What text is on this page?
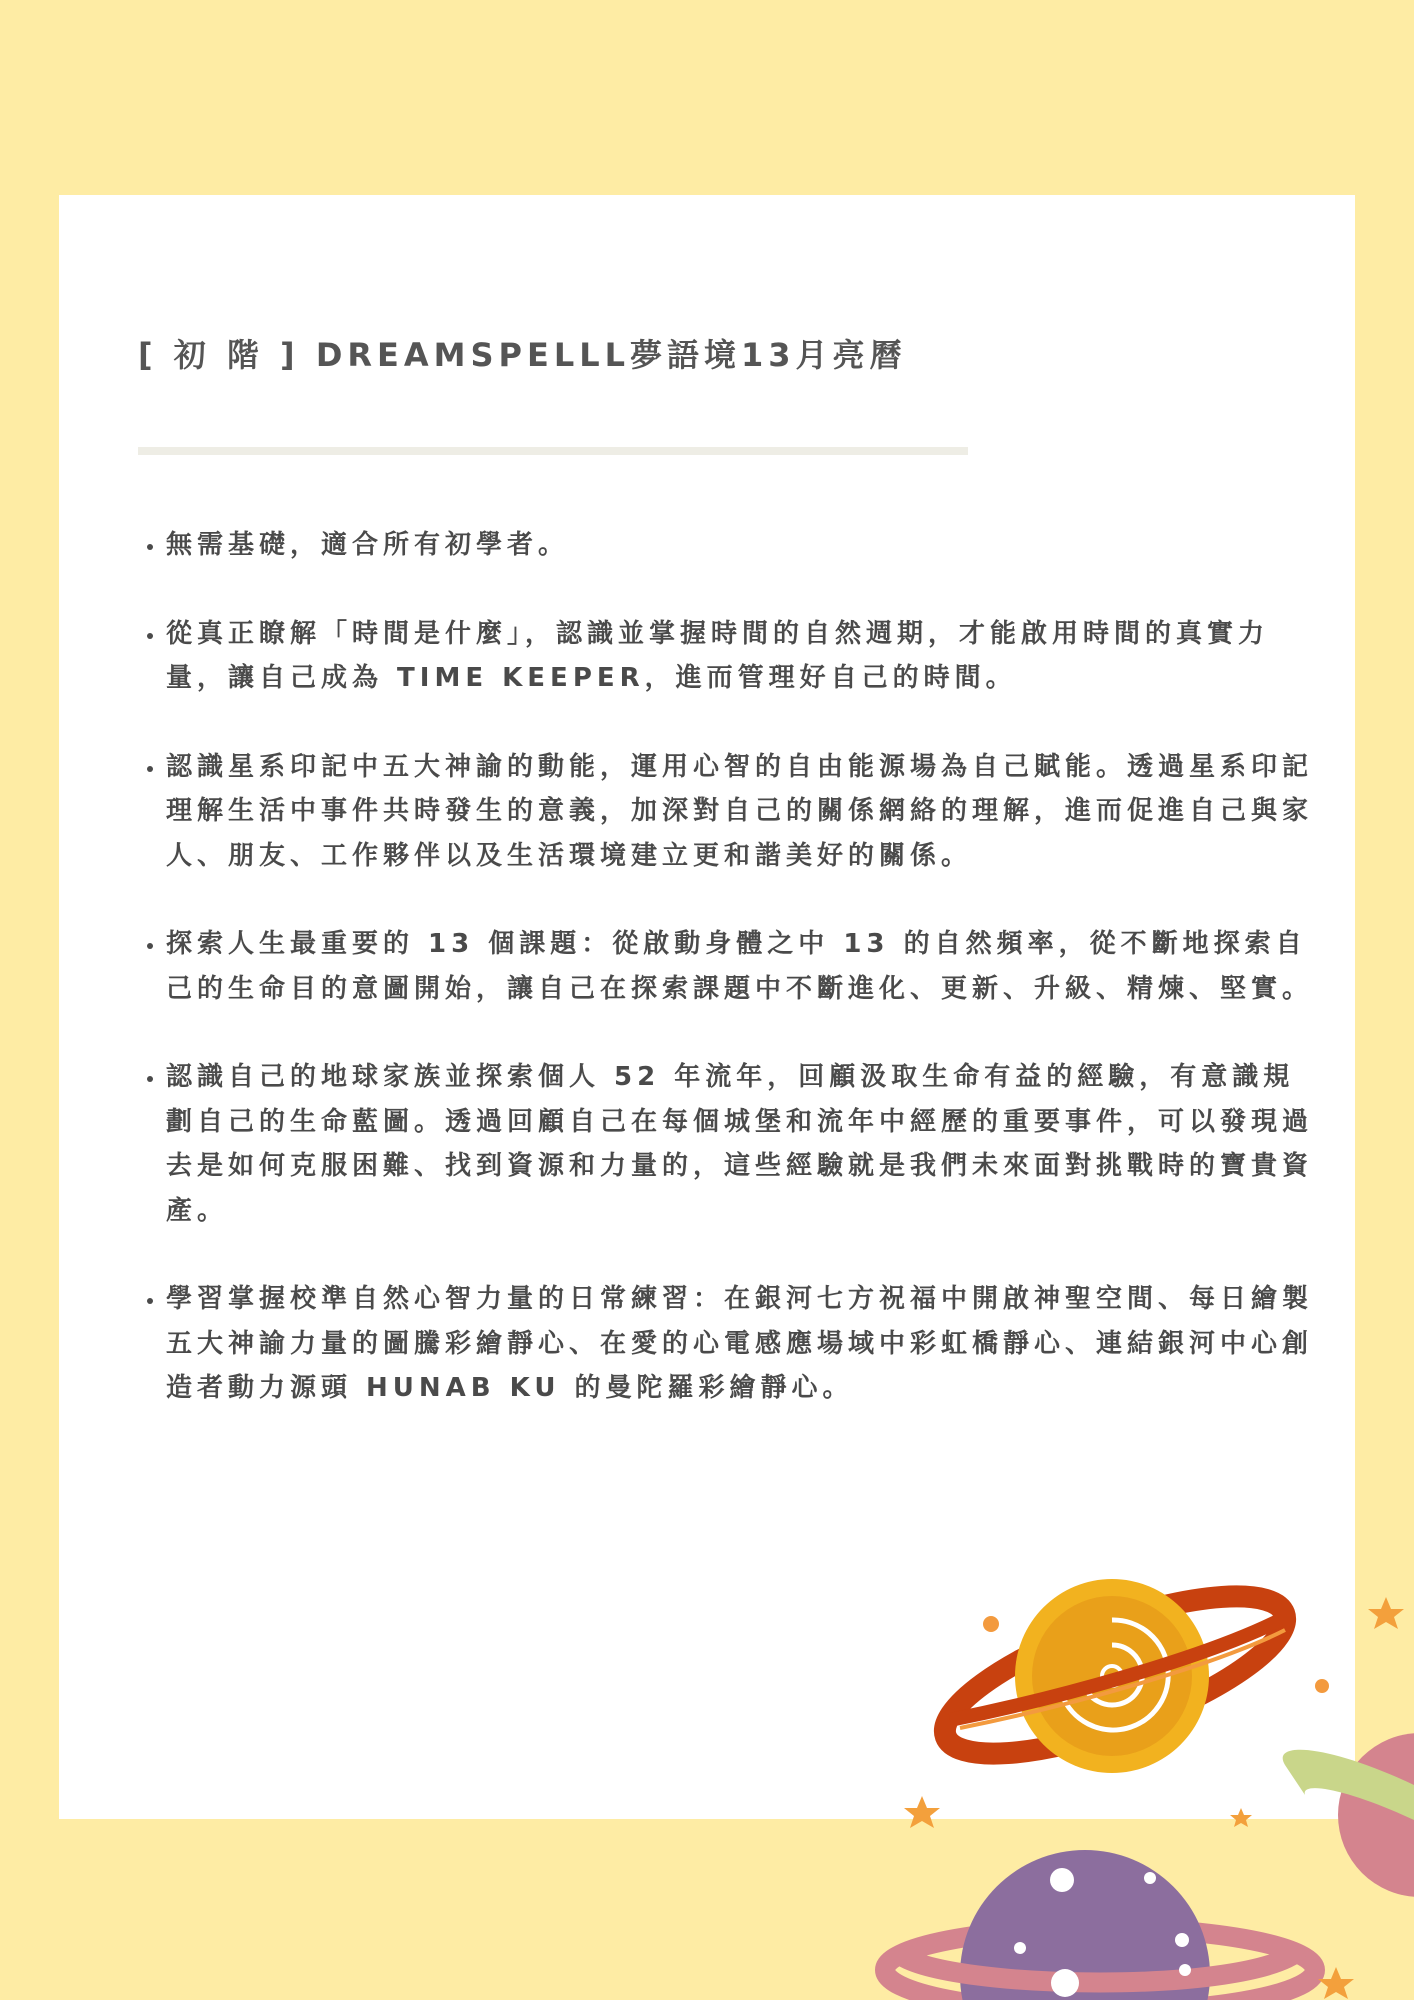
[ 初 階 ] DREAMSPELLL夢語境13月亮曆
• 無需基礎，適合所有初學者。
• 從真正瞭解「時間是什麼」，認識並掌握時間的自然週期，才能啟用時間的真實力量，讓自己成為 TIME KEEPER，進而管理好自己的時間。
• 認識星系印記中五大神諭的動能，運用心智的自由能源場為自己賦能。透過星系印記理解生活中事件共時發生的意義，加深對自己的關係網絡的理解，進而促進自己與家人、朋友、工作夥伴以及生活環境建立更和諧美好的關係。
• 探索人生最重要的 13 個課題：從啟動身體之中 13 的自然頻率，從不斷地探索自己的生命目的意圖開始，讓自己在探索課題中不斷進化、更新、升級、精煉、堅實。
• 認識自己的地球家族並探索個人 52 年流年，回顧汲取生命有益的經驗，有意識規劃自己的生命藍圖。透過回顧自己在每個城堡和流年中經歷的重要事件，可以發現過去是如何克服困難、找到資源和力量的，這些經驗就是我們未來面對挑戰時的寶貴資產。
• 學習掌握校準自然心智力量的日常練習：在銀河七方祝福中開啟神聖空間、每日繪製五大神諭力量的圖騰彩繪靜心、在愛的心電感應場域中彩虹橋靜心、連結銀河中心創造者動力源頭 HUNAB KU 的曼陀羅彩繪靜心。
